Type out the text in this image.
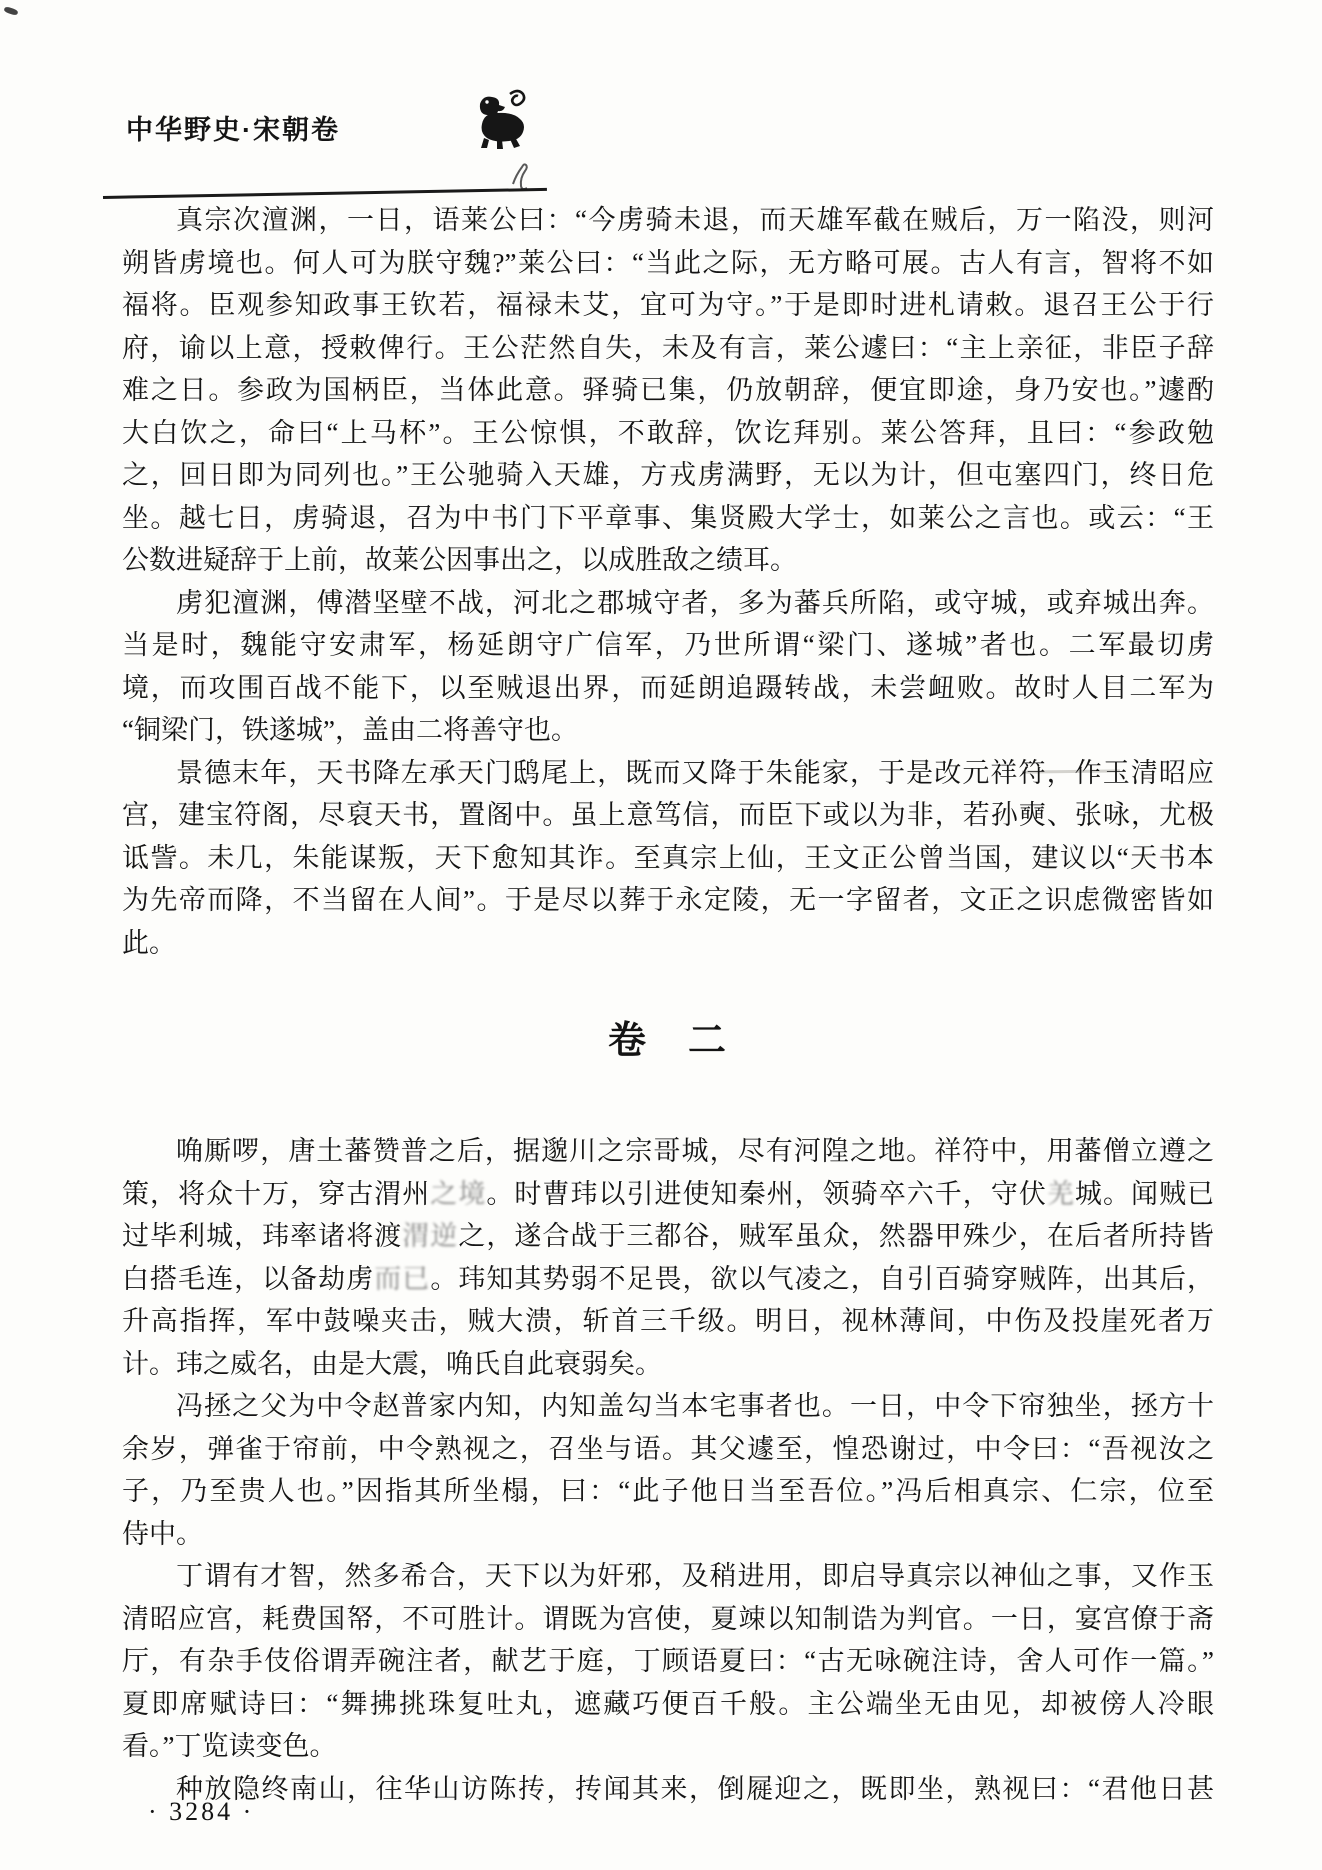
中华野史·宋朝卷
真宗次澶渊，一日，语莱公曰：“今虏骑未退，而天雄军截在贼后，万一陷没，则河
朔皆虏境也。何人可为朕守魏?”莱公曰：“当此之际，无方略可展。古人有言，智将不如
福将。臣观参知政事王钦若，福禄未艾，宜可为守。”于是即时进札请敕。退召王公于行
府，谕以上意，授敕俾行。王公茫然自失，未及有言，莱公遽曰：“主上亲征，非臣子辞
难之日。参政为国柄臣，当体此意。驿骑已集，仍放朝辞，便宜即途，身乃安也。”遽酌
大白饮之，命曰“上马杯”。王公惊惧，不敢辞，饮讫拜别。莱公答拜，且曰：“参政勉
之，回日即为同列也。”王公驰骑入天雄，方戎虏满野，无以为计，但屯塞四门，终日危
坐。越七日，虏骑退，召为中书门下平章事、集贤殿大学士，如莱公之言也。或云：“王
公数进疑辞于上前，故莱公因事出之，以成胜敌之绩耳。
虏犯澶渊，傅潜坚壁不战，河北之郡城守者，多为蕃兵所陷，或守城，或弃城出奔。
当是时，魏能守安肃军，杨延朗守广信军，乃世所谓“梁门、遂城”者也。二军最切虏
境，而攻围百战不能下，以至贼退出界，而延朗追蹑转战，未尝衄败。故时人目二军为
“铜梁门，铁遂城”，盖由二将善守也。
景德末年，天书降左承天门鸱尾上，既而又降于朱能家，于是改元祥符，作玉清昭应
宫，建宝符阁，尽裒天书，置阁中。虽上意笃信，而臣下或以为非，若孙奭、张咏，尤极
诋訾。未几，朱能谋叛，天下愈知其诈。至真宗上仙，王文正公曾当国，建议以“天书本
为先帝而降，不当留在人间”。于是尽以葬于永定陵，无一字留者，文正之识虑微密皆如
此。
卷　二
唃厮啰，唐土蕃赞普之后，据邈川之宗哥城，尽有河隍之地。祥符中，用蕃僧立遵之
策，将众十万，穿古渭州之境。时曹玮以引进使知秦州，领骑卒六千，守伏羌城。闻贼已
过毕利城，玮率诸将渡渭逆之，遂合战于三都谷，贼军虽众，然器甲殊少，在后者所持皆
白搭毛连，以备劫虏而已。玮知其势弱不足畏，欲以气凌之，自引百骑穿贼阵，出其后，
升高指挥，军中鼓噪夹击，贼大溃，斩首三千级。明日，视林薄间，中伤及投崖死者万
计。玮之威名，由是大震，唃氏自此衰弱矣。
冯拯之父为中令赵普家内知，内知盖勾当本宅事者也。一日，中令下帘独坐，拯方十
余岁，弹雀于帘前，中令熟视之，召坐与语。其父遽至，惶恐谢过，中令曰：“吾视汝之
子，乃至贵人也。”因指其所坐榻，曰：“此子他日当至吾位。”冯后相真宗、仁宗，位至
侍中。
丁谓有才智，然多希合，天下以为奸邪，及稍进用，即启导真宗以神仙之事，又作玉
清昭应宫，耗费国帑，不可胜计。谓既为宫使，夏竦以知制诰为判官。一日，宴宫僚于斋
厅，有杂手伎俗谓弄碗注者，献艺于庭，丁顾语夏曰：“古无咏碗注诗，舍人可作一篇。”
夏即席赋诗曰：“舞拂挑珠复吐丸，遮藏巧便百千般。主公端坐无由见，却被傍人冷眼
看。”丁览读变色。
种放隐终南山，往华山访陈抟，抟闻其来，倒屣迎之，既即坐，熟视曰：“君他日甚
· 3284 ·
